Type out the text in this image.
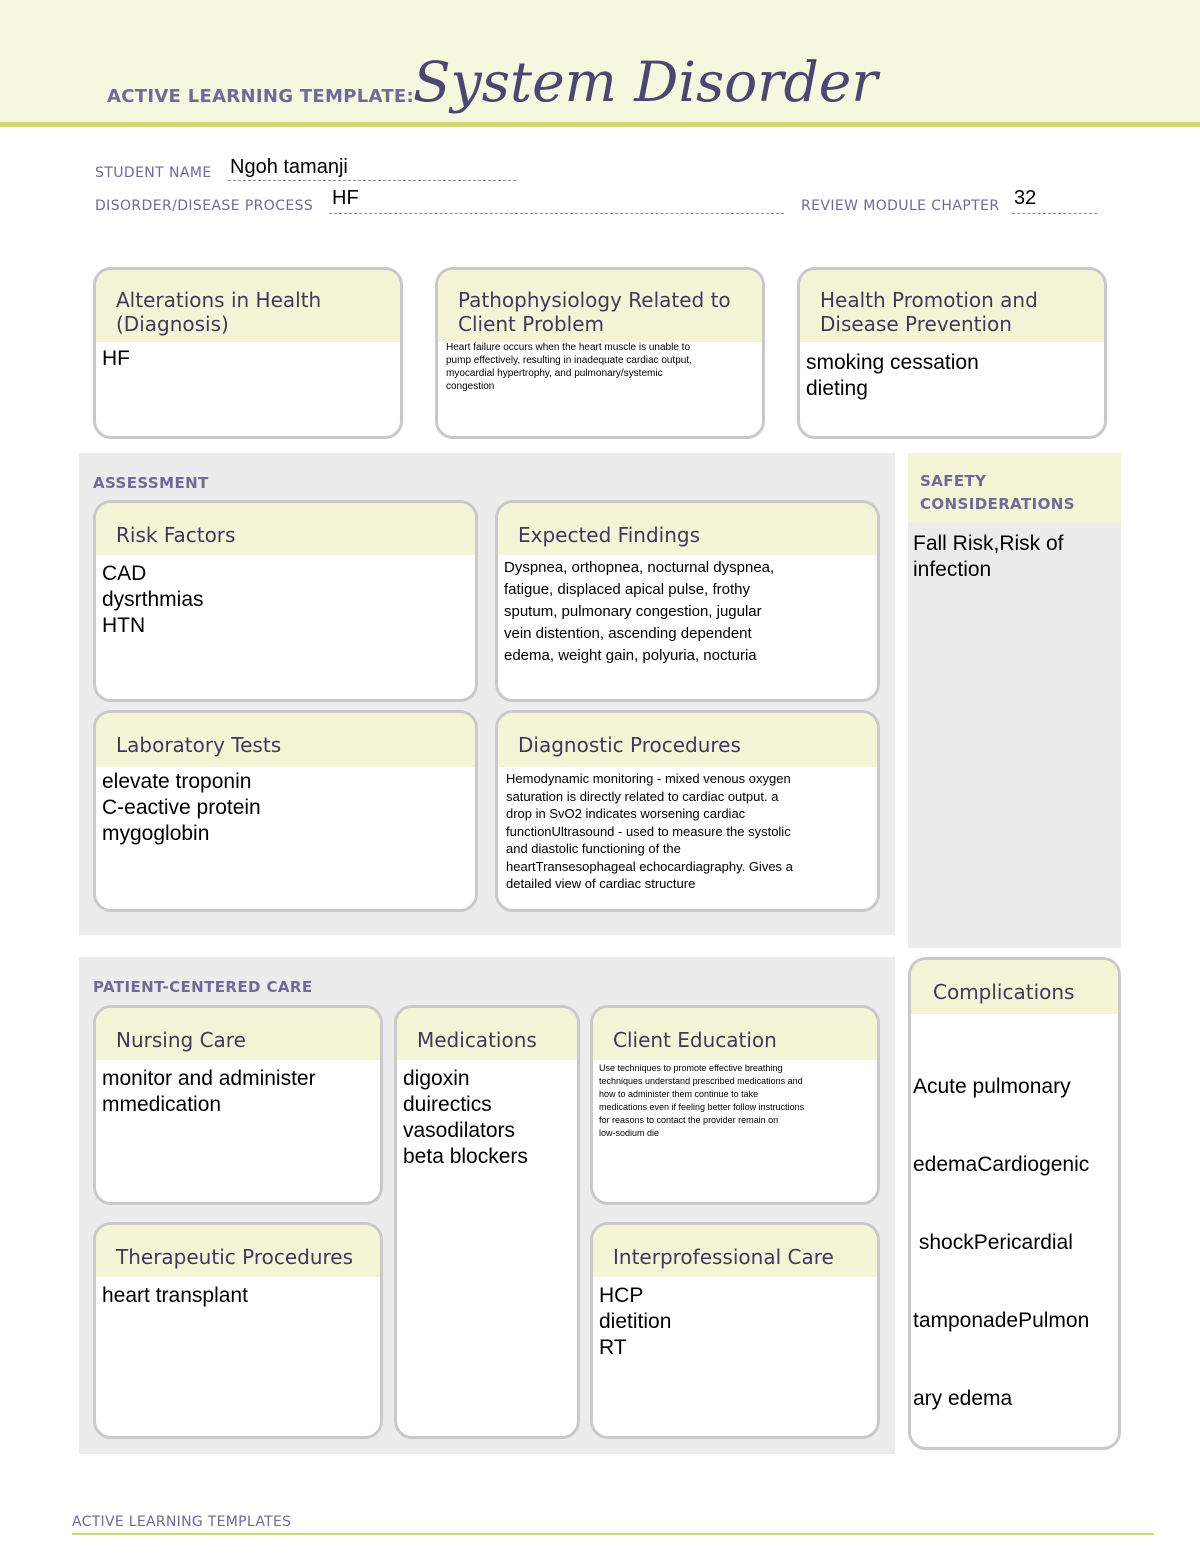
ACTIVE LEARNING TEMPLATE: System Disorder
STUDENT NAME Ngoh tamanji
DISORDER/DISEASE PROCESS HF	REVIEW MODULE CHAPTER 32
Alterations in Health (Diagnosis)
HF
Pathophysiology Related to Client Problem
Heart failure occurs when the heart muscle is unable to
pump effectively, resulting in inadequate cardiac output,
myocardial hypertrophy, and pulmonary/systemic
congestion
Health Promotion and Disease Prevention
smoking cessation
dieting
ASSESSMENT
Risk Factors
CAD
dysrthmias
HTN
Expected Findings
Dyspnea, orthopnea, nocturnal dyspnea,
fatigue, displaced apical pulse, frothy
sputum, pulmonary congestion, jugular
vein distention, ascending dependent
edema, weight gain, polyuria, nocturia
Laboratory Tests
elevate troponin
C-eactive protein
mygoglobin
Diagnostic Procedures
Hemodynamic monitoring - mixed venous oxygen
saturation is directly related to cardiac output. a
drop in SvO2 indicates worsening cardiac
functionUltrasound - used to measure the systolic
and diastolic functioning of the
heartTransesophageal echocardiagraphy. Gives a
detailed view of cardiac structure
SAFETY
CONSIDERATIONS
Fall Risk,Risk of
infection
PATIENT-CENTERED CARE
Nursing Care
monitor and administer
mmedication
Medications
digoxin
duirectics
vasodilators
beta blockers
Client Education
Use techniques to promote effective breathing
techniques understand prescribed medications and
how to administer them continue to take
medications even if feeling better follow instructions
for reasons to contact the provider remain on
low-sodium die
Therapeutic Procedures
heart transplant
Interprofessional Care
HCP
dietition
RT
Complications

Acute pulmonary

edemaCardiogenic

shockPericardial

tamponadePulmon

ary edema

ACTIVE LEARNING TEMPLATES
